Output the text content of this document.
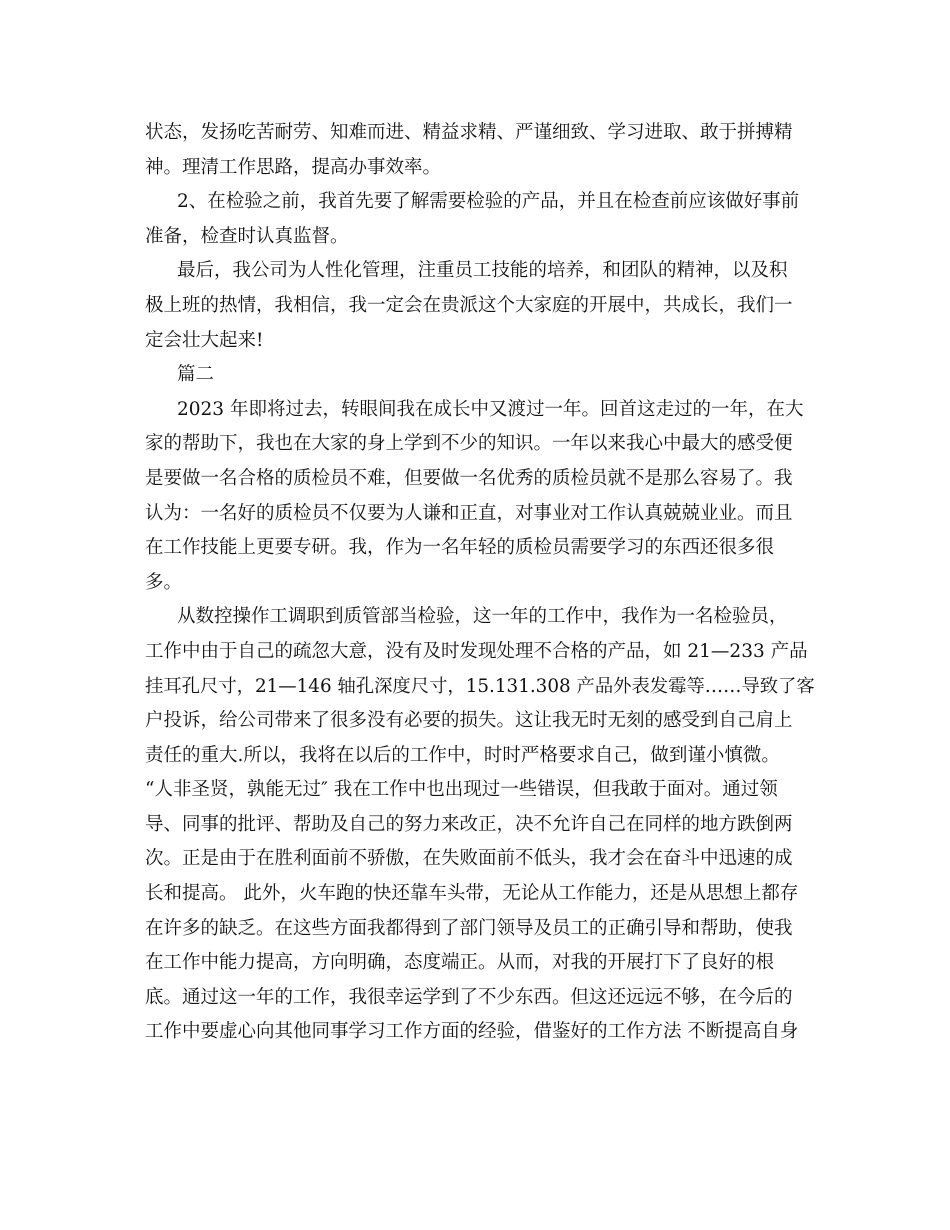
状态，发扬吃苦耐劳、知难而进、精益求精、严谨细致、学习进取、敢于拼搏精
神。理清工作思路，提高办事效率。
2、在检验之前，我首先要了解需要检验的产品，并且在检查前应该做好事前
准备，检查时认真监督。
最后，我公司为人性化管理，注重员工技能的培养，和团队的精神，以及积
极上班的热情，我相信，我一定会在贵派这个大家庭的开展中，共成长，我们一
定会壮大起来!
篇二
2023 年即将过去，转眼间我在成长中又渡过一年。回首这走过的一年，在大
家的帮助下，我也在大家的身上学到不少的知识。一年以来我心中最大的感受便
是要做一名合格的质检员不难，但要做一名优秀的质检员就不是那么容易了。我
认为：一名好的质检员不仅要为人谦和正直，对事业对工作认真兢兢业业。而且
在工作技能上更要专研。我，作为一名年轻的质检员需要学习的东西还很多很
多。
从数控操作工调职到质管部当检验，这一年的工作中，我作为一名检验员，
工作中由于自己的疏忽大意，没有及时发现处理不合格的产品，如 21—233 产品
挂耳孔尺寸，21—146 轴孔深度尺寸，15.131.308 产品外表发霉等……导致了客
户投诉，给公司带来了很多没有必要的损失。这让我无时无刻的感受到自己肩上
责任的重大.所以，我将在以后的工作中，时时严格要求自己，做到谨小慎微。
“人非圣贤，孰能无过″ 我在工作中也出现过一些错误，但我敢于面对。通过领
导、同事的批评、帮助及自己的努力来改正，决不允许自己在同样的地方跌倒两
次。正是由于在胜利面前不骄傲，在失败面前不低头，我才会在奋斗中迅速的成
长和提高。 此外，火车跑的快还靠车头带，无论从工作能力，还是从思想上都存
在许多的缺乏。在这些方面我都得到了部门领导及员工的正确引导和帮助，使我
在工作中能力提高，方向明确，态度端正。从而，对我的开展打下了良好的根
底。通过这一年的工作，我很幸运学到了不少东西。但这还远远不够，在今后的
工作中要虚心向其他同事学习工作方面的经验，借鉴好的工作方法 不断提高自身
